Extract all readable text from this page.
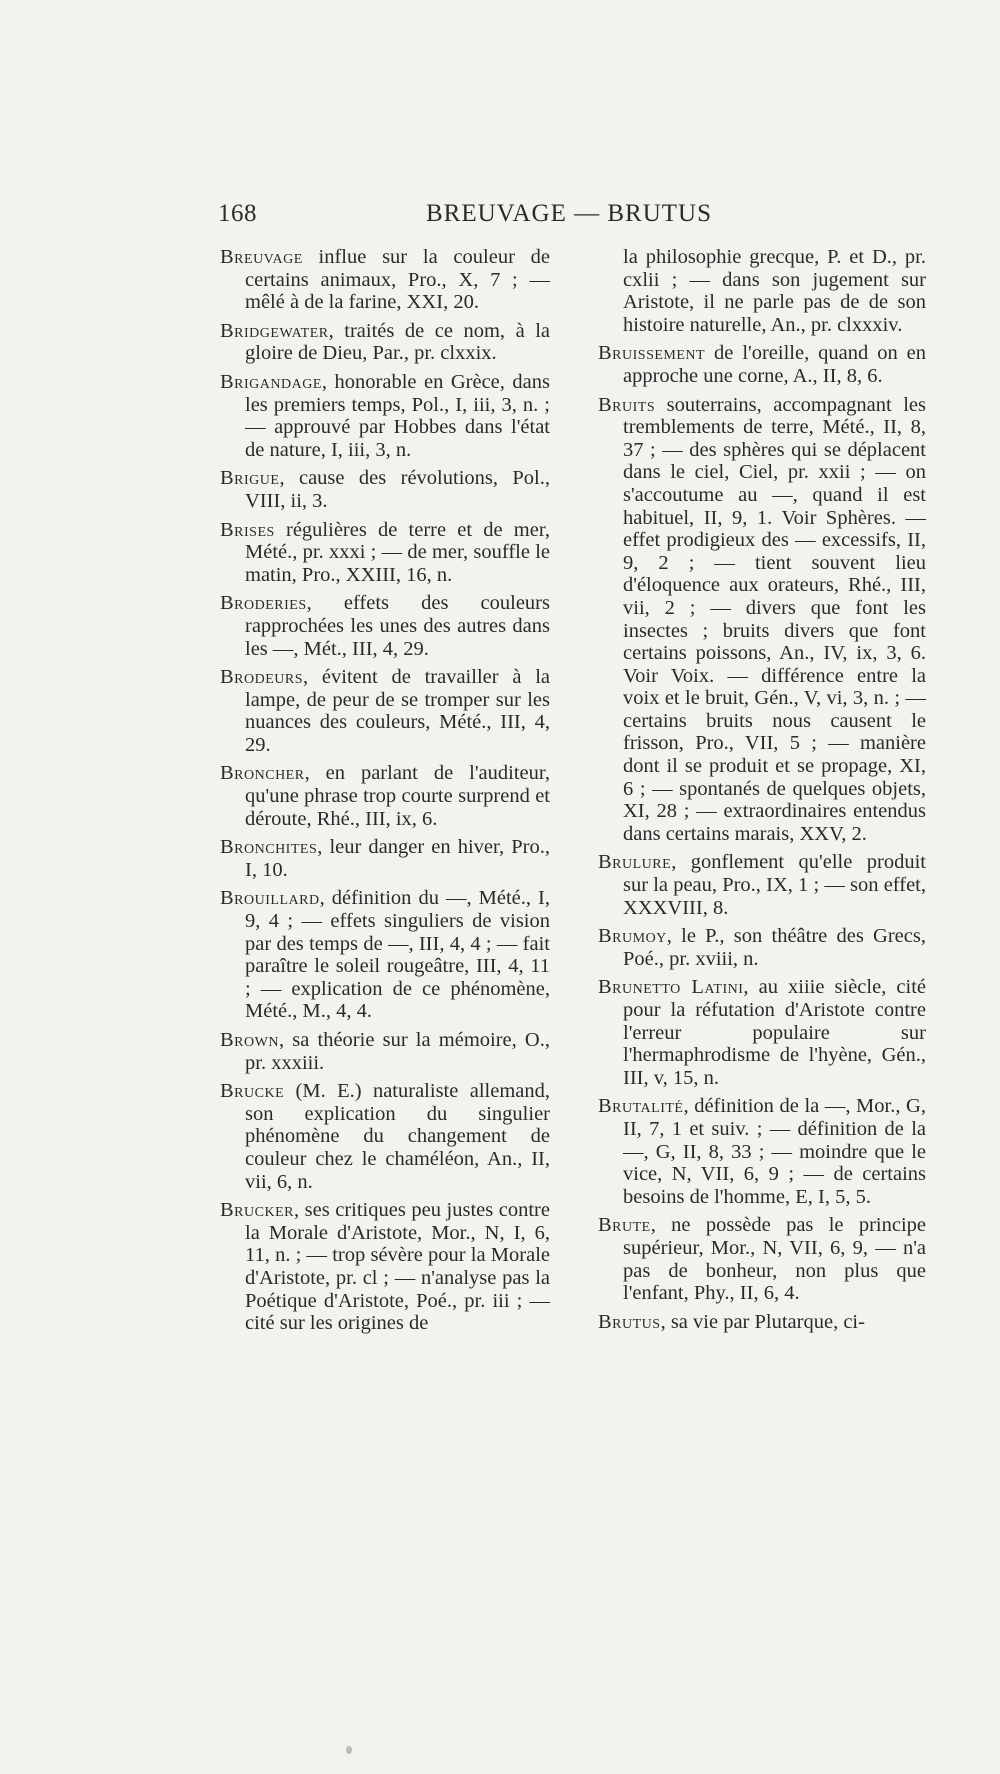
168	BREUVAGE — BRUTUS

Breuvage influe sur la couleur de certains animaux, Pro., X, 7 ; — mêlé à de la farine, XXI, 20.

Bridgewater, traités de ce nom, à la gloire de Dieu, Par., pr. clxxix.

Brigandage, honorable en Grèce, dans les premiers temps, Pol., I, iii, 3, n. ; — approuvé par Hobbes dans l'état de nature, I, iii, 3, n.

Brigue, cause des révolutions, Pol., VIII, ii, 3.

Brises régulières de terre et de mer, Mété., pr. xxxi ; — de mer, souffle le matin, Pro., XXIII, 16, n.

Broderies, effets des couleurs rapprochées les unes des autres dans les —, Mét., III, 4, 29.

Brodeurs, évitent de travailler à la lampe, de peur de se tromper sur les nuances des couleurs, Mété., III, 4, 29.

Broncher, en parlant de l'auditeur, qu'une phrase trop courte surprend et déroute, Rhé., III, ix, 6.

Bronchites, leur danger en hiver, Pro., I, 10.

Brouillard, définition du —, Mété., I, 9, 4 ; — effets singuliers de vision par des temps de —, III, 4, 4 ; — fait paraître le soleil rougeâtre, III, 4, 11 ; — explication de ce phénomène, Mété., M., 4, 4.

Brown, sa théorie sur la mémoire, O., pr. xxxiii.

Brucke (M. E.) naturaliste allemand, son explication du singulier phénomène du changement de couleur chez le chaméléon, An., II, vii, 6, n.

Brucker, ses critiques peu justes contre la Morale d'Aristote, Mor., N, I, 6, 11, n. ; — trop sévère pour la Morale d'Aristote, pr. cl ; — n'analyse pas la Poétique d'Aristote, Poé., pr. iii ; — cité sur les origines de

la philosophie grecque, P. et D., pr. cxlii ; — dans son jugement sur Aristote, il ne parle pas de de son histoire naturelle, An., pr. clxxxiv.

Bruissement de l'oreille, quand on en approche une corne, A., II, 8, 6.

Bruits souterrains, accompagnant les tremblements de terre, Mété., II, 8, 37 ; — des sphères qui se déplacent dans le ciel, Ciel, pr. xxii ; — on s'accoutume au —, quand il est habituel, II, 9, 1. Voir Sphères. — effet prodigieux des — excessifs, II, 9, 2 ; — tient souvent lieu d'éloquence aux orateurs, Rhé., III, vii, 2 ; — divers que font les insectes ; bruits divers que font certains poissons, An., IV, ix, 3, 6. Voir Voix. — différence entre la voix et le bruit, Gén., V, vi, 3, n. ; — certains bruits nous causent le frisson, Pro., VII, 5 ; — manière dont il se produit et se propage, XI, 6 ; — spontanés de quelques objets, XI, 28 ; — extraordinaires entendus dans certains marais, XXV, 2.

Brulure, gonflement qu'elle produit sur la peau, Pro., IX, 1 ; — son effet, XXXVIII, 8.

Brumoy, le P., son théâtre des Grecs, Poé., pr. xviii, n.

Brunetto Latini, au xiiie siècle, cité pour la réfutation d'Aristote contre l'erreur populaire sur l'hermaphrodisme de l'hyène, Gén., III, v, 15, n.

Brutalité, définition de la —, Mor., G, II, 7, 1 et suiv. ; — définition de la —, G, II, 8, 33 ; — moindre que le vice, N, VII, 6, 9 ; — de certains besoins de l'homme, E, I, 5, 5.

Brute, ne possède pas le principe supérieur, Mor., N, VII, 6, 9, — n'a pas de bonheur, non plus que l'enfant, Phy., II, 6, 4.

Brutus, sa vie par Plutarque, ci-
